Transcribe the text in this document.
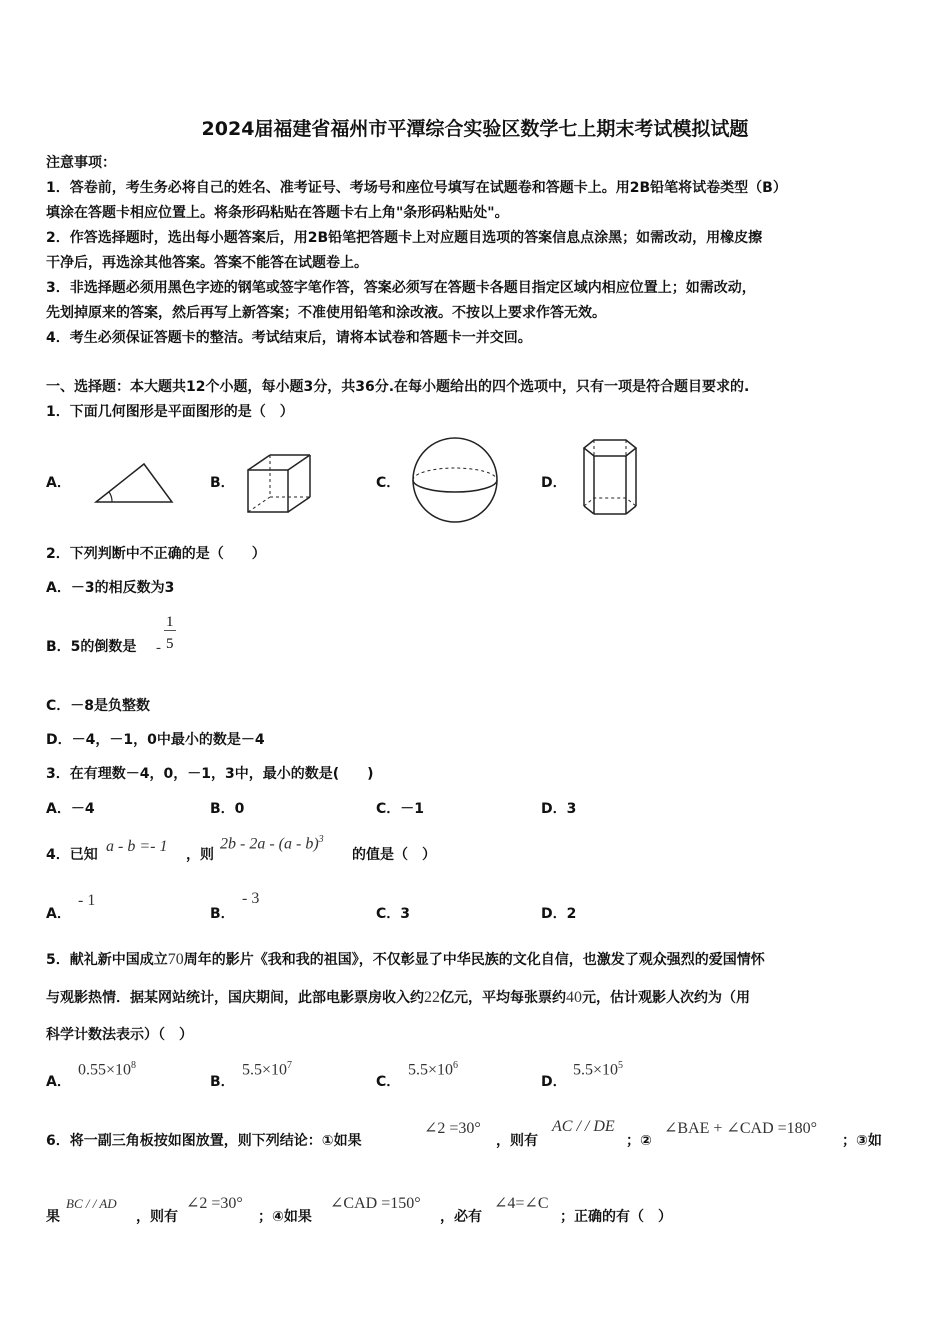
2024届福建省福州市平潭综合实验区数学七上期末考试模拟试题
注意事项：
1．答卷前，考生务必将自己的姓名、准考证号、考场号和座位号填写在试题卷和答题卡上。用2B铅笔将试卷类型（B）
填涂在答题卡相应位置上。将条形码粘贴在答题卡右上角"条形码粘贴处"。
2．作答选择题时，选出每小题答案后，用2B铅笔把答题卡上对应题目选项的答案信息点涂黑；如需改动，用橡皮擦
干净后，再选涂其他答案。答案不能答在试题卷上。
3．非选择题必须用黑色字迹的钢笔或签字笔作答，答案必须写在答题卡各题目指定区域内相应位置上；如需改动，
先划掉原来的答案，然后再写上新答案；不准使用铅笔和涂改液。不按以上要求作答无效。
4．考生必须保证答题卡的整洁。考试结束后，请将本试卷和答题卡一并交回。
一、选择题：本大题共12个小题，每小题3分，共36分.在每小题给出的四个选项中，只有一项是符合题目要求的.
1．下面几何图形是平面图形的是（　）
A．	B．	C．	D．
2．下列判断中不正确的是（　　）
A．－3的相反数为3
B．5的倒数是 - $\frac{1}{5}$
C．－8是负整数
D．－4，－1，0中最小的数是－4
3．在有理数－4，0，－1，3中，最小的数是(　　)
A．－4	B．0	C．－1	D．3
4．已知 a - b =- 1 ，则
2b - 2a - (a - b)$^3$
的值是（　）
A．
- 1
B．
- 3
C．3	D．2
5．献礼新中国成立70周年的影片《我和我的祖国》，不仅彰显了中华民族的文化自信，也激发了观众强烈的爱国情怀
与观影热情．据某网站统计，国庆期间，此部电影票房收入约22亿元，平均每张票约40元，估计观影人次约为（用
科学计数法表示）（　）
A．
$0.55\times 10^8$
B．
$5.5\times 10^7$
C．
$5.5\times 10^6$
D．
$5.5\times 10^5$
6．将一副三角板按如图放置，则下列结论：①如果
∠2 =30°
，则有
AC / / DE
；②
∠BAE + ∠CAD =180°
；③如
果
BC / / AD
，则有
∠2 =30°
；④如果
∠CAD =150°
，必有
∠4=∠C
；正确的有（　）
